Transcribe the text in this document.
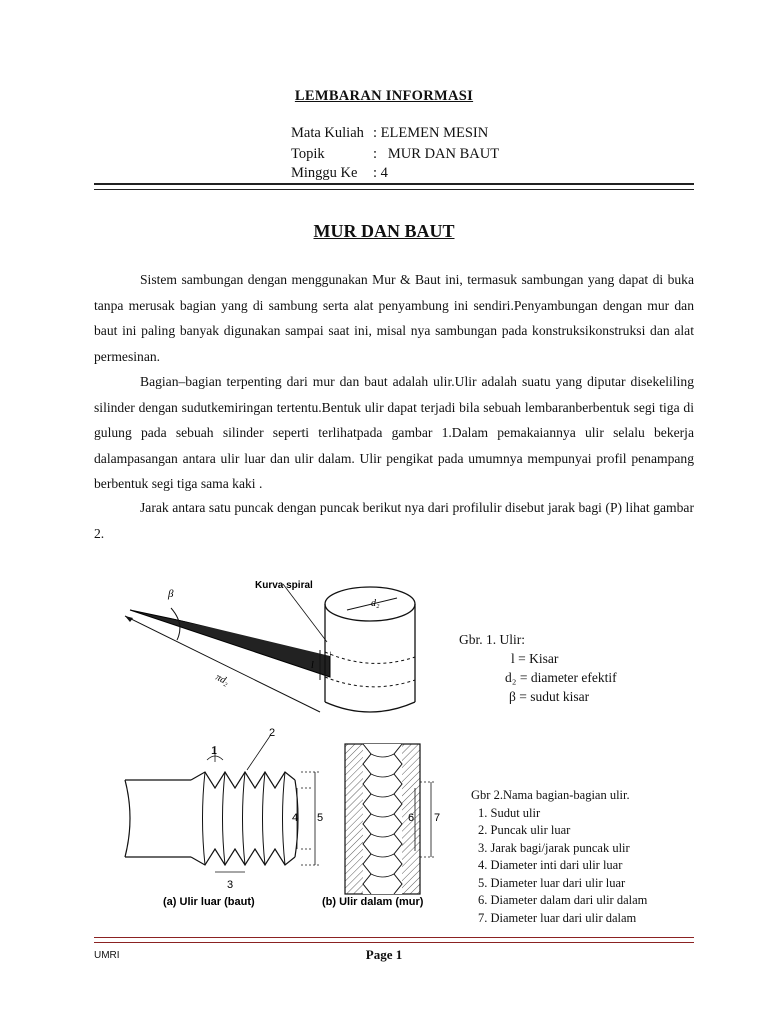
LEMBARAN INFORMASI
Mata Kuliah : ELEMEN MESIN
Topik	: MUR DAN BAUT
Minggu Ke : 4
MUR DAN BAUT
Sistem sambungan dengan menggunakan Mur & Baut ini, termasuk sambungan yang dapat di buka tanpa merusak bagian yang di sambung serta alat penyambung ini sendiri.Penyambungan dengan mur dan baut ini paling banyak digunakan sampai saat ini, misal nya sambungan pada konstruksikonstruksi dan alat permesinan.
Bagian–bagian terpenting dari mur dan baut adalah ulir.Ulir adalah suatu yang diputar disekeliling silinder dengan sudutkemiringan tertentu.Bentuk ulir dapat terjadi bila sebuah lembaranberbentuk segi tiga di gulung pada sebuah silinder seperti terlihatpada gambar 1.Dalam pemakaiannya ulir selalu bekerja dalampasangan antara ulir luar dan ulir dalam. Ulir pengikat pada umumnya mempunyai profil penampang berbentuk segi tiga sama kaki .
Jarak antara satu puncak dengan puncak berikut nya dari profilulir disebut jarak bagi (P) lihat gambar 2.
Kurva spiral
β
d₂
πd₂
l
Gbr. 1. Ulir:
l = Kisar
d₂ = diameter efektif
β = sudut kisar
1
2
3
4 5	6 7
(a) Ulir luar (baut)	(b) Ulir dalam (mur)
Gbr 2.Nama bagian-bagian ulir.
1. Sudut ulir
2. Puncak ulir luar
3. Jarak bagi/jarak puncak ulir
4. Diameter inti dari ulir luar
5. Diameter luar dari ulir luar
6. Diameter dalam dari ulir dalam
7. Diameter luar dari ulir dalam
UMRI	Page 1
